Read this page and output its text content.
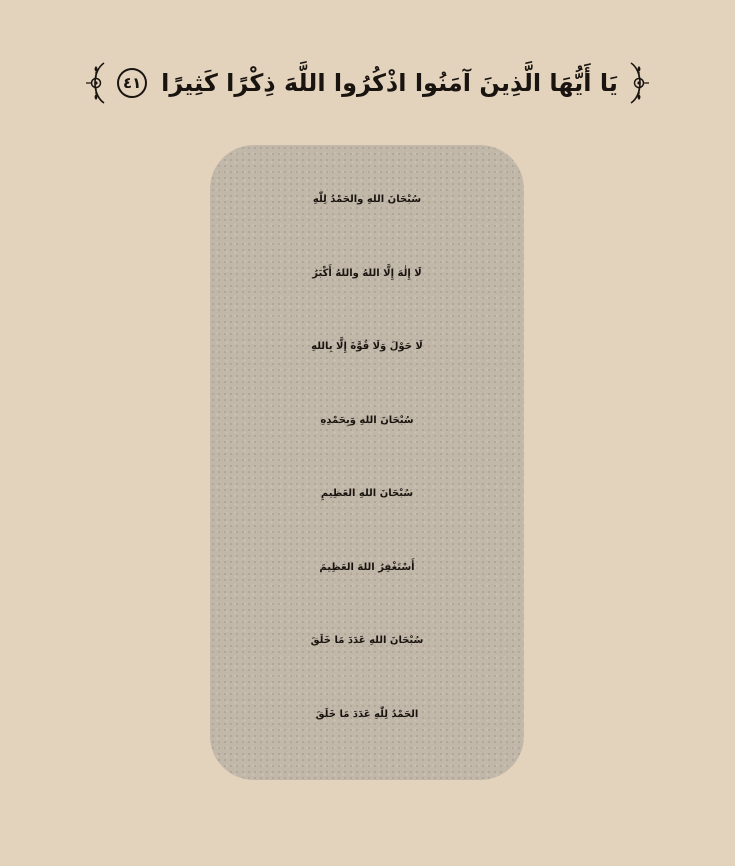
٤١ يَا أَيُّهَا الَّذِينَ آمَنُوا اذْكُرُوا اللَّهَ ذِكْرًا كَثِيرًا
سُبْحَانَ اللهِ والحَمْدُ لِلّٰهِ
لَا إِلٰهَ إِلَّا اللهُ واللهُ أَكْبَرُ
لَا حَوْلَ وَلَا قُوَّةَ إِلَّا بِاللهِ
سُبْحَانَ اللهِ وَبِحَمْدِهِ
سُبْحَانَ اللهِ العَظِيمِ
أَسْتَغْفِرُ اللهَ العَظِيمَ
سُبْحَانَ اللهِ عَدَدَ مَا خَلَقَ
الحَمْدُ لِلّٰهِ عَدَدَ مَا خَلَقَ
